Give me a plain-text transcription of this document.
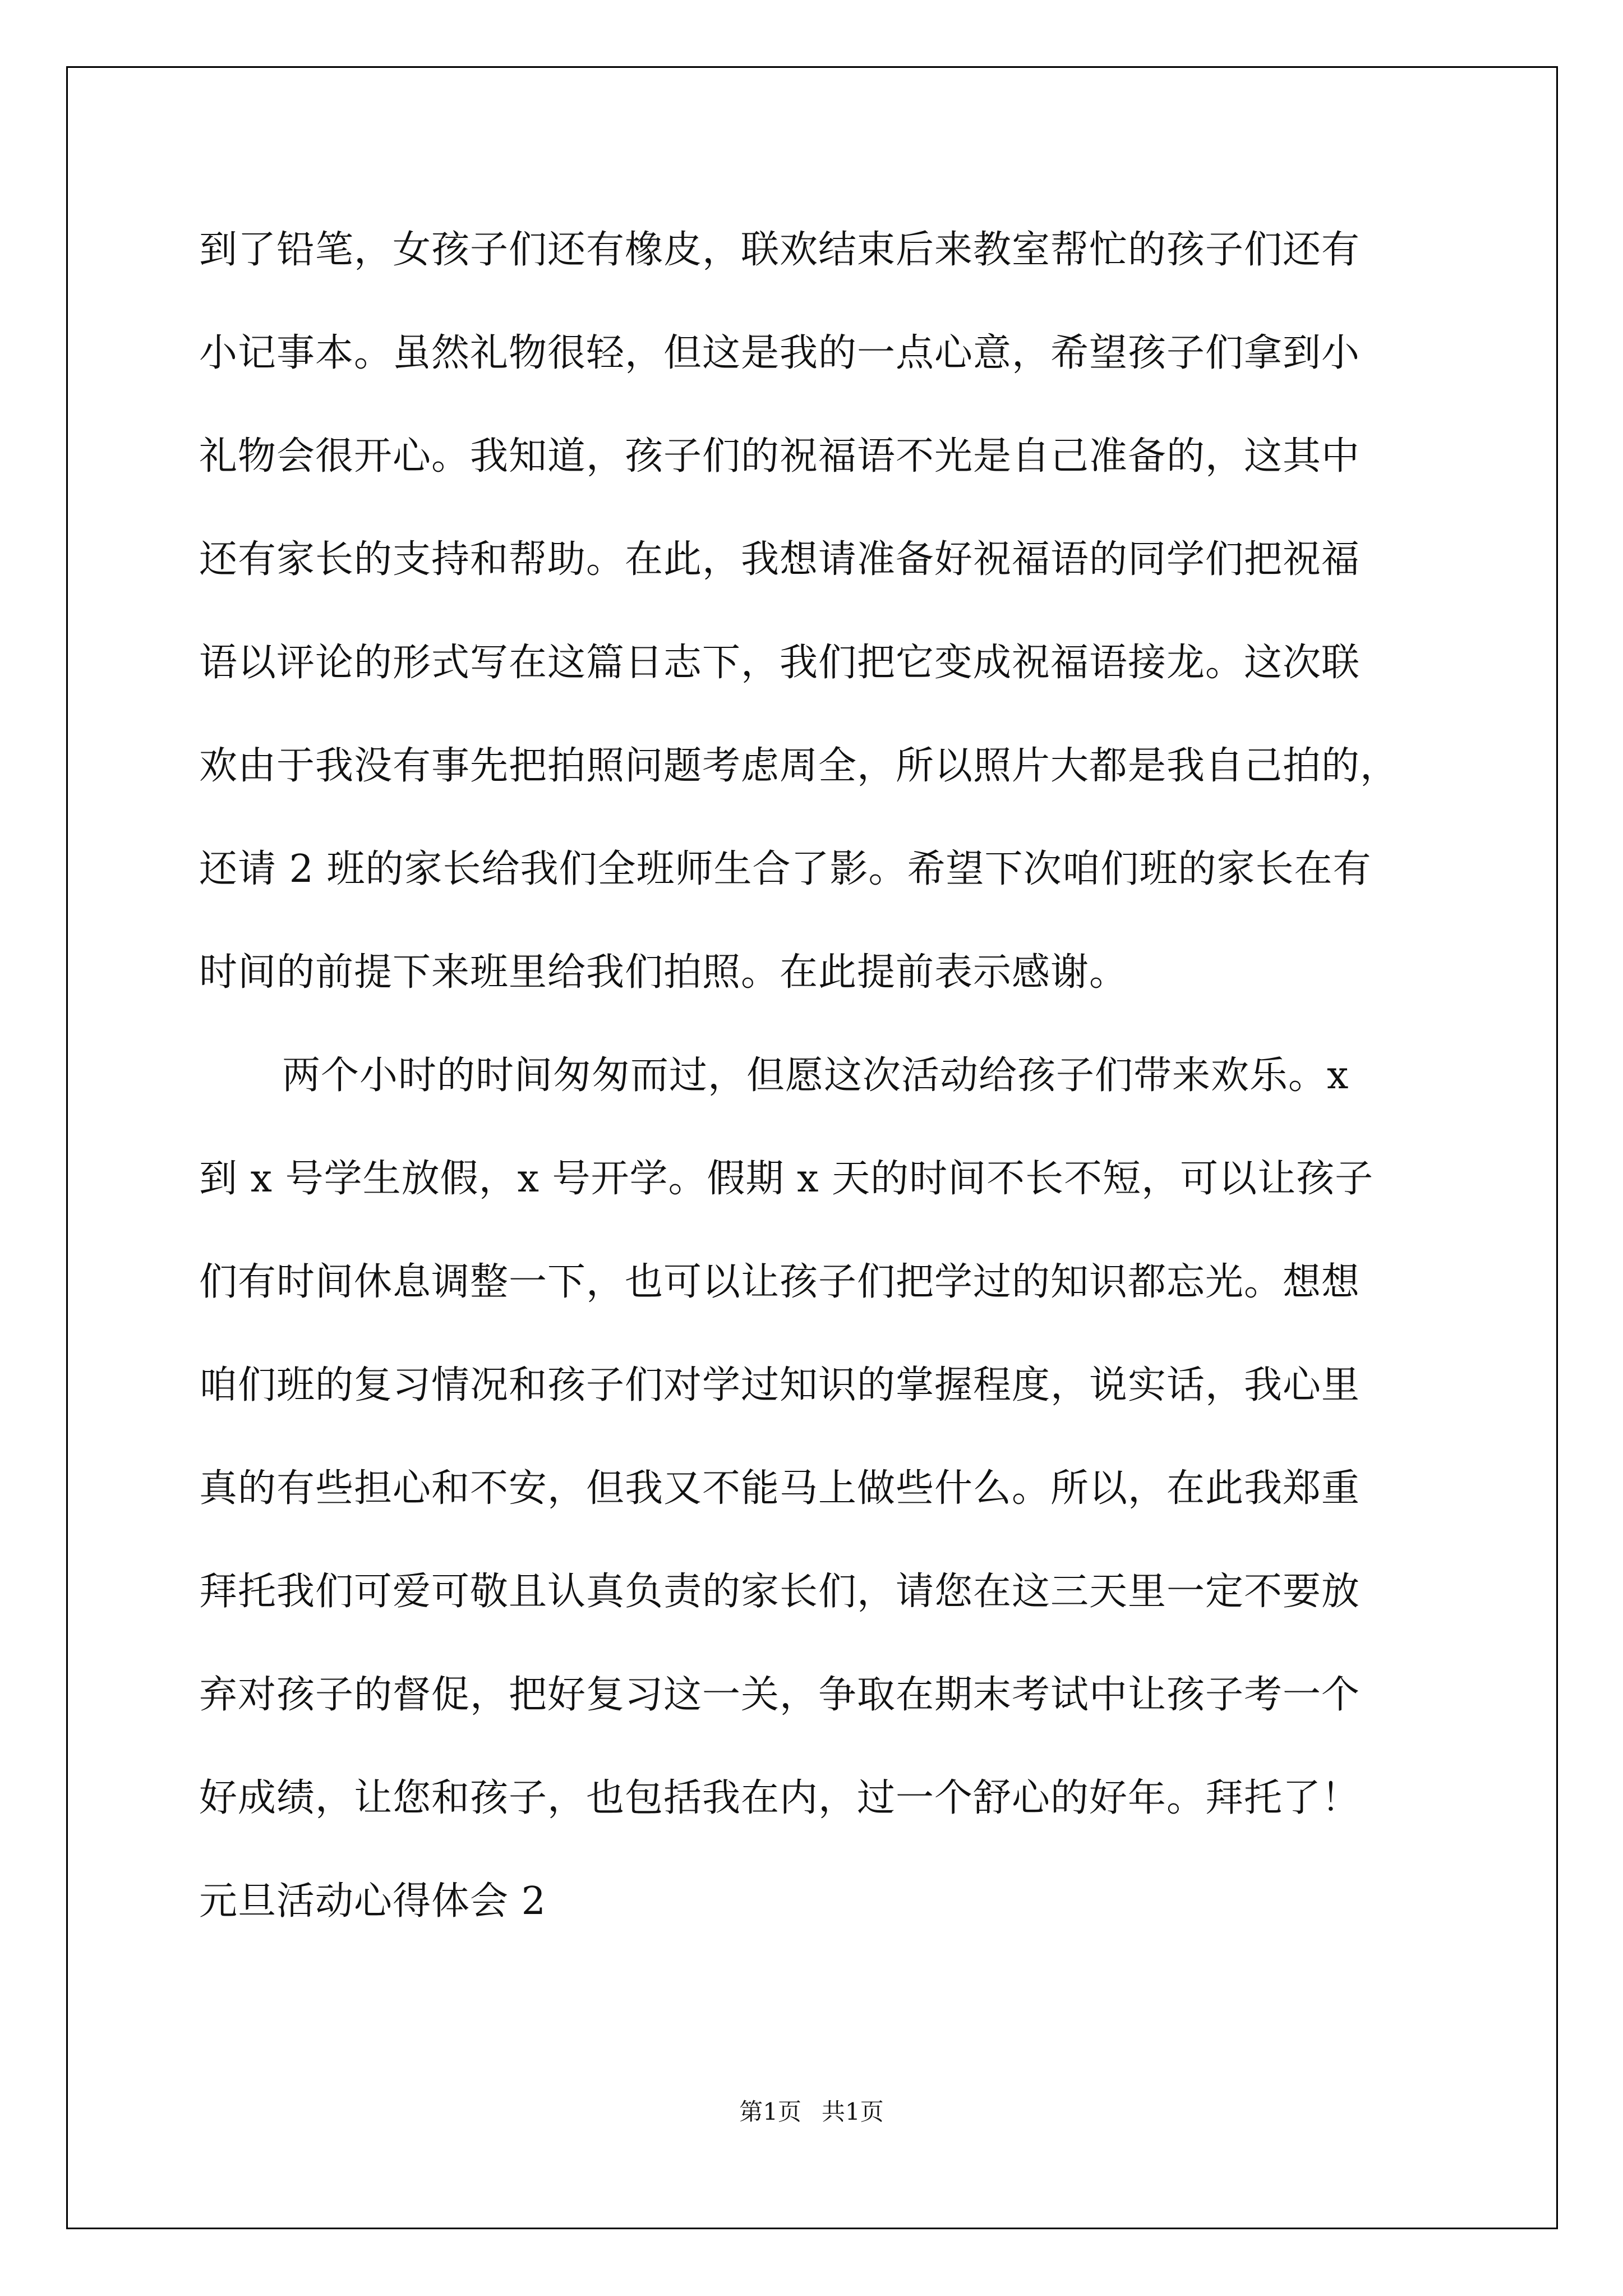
到了铅笔，女孩子们还有橡皮，联欢结束后来教室帮忙的孩子们还有
小记事本。虽然礼物很轻，但这是我的一点心意，希望孩子们拿到小
礼物会很开心。我知道，孩子们的祝福语不光是自己准备的，这其中
还有家长的支持和帮助。在此，我想请准备好祝福语的同学们把祝福
语以评论的形式写在这篇日志下，我们把它变成祝福语接龙。这次联
欢由于我没有事先把拍照问题考虑周全，所以照片大都是我自己拍的，
还请 2 班的家长给我们全班师生合了影。希望下次咱们班的家长在有
时间的前提下来班里给我们拍照。在此提前表示感谢。
两个小时的时间匆匆而过，但愿这次活动给孩子们带来欢乐。x
到 x 号学生放假，x 号开学。假期 x 天的时间不长不短，可以让孩子
们有时间休息调整一下，也可以让孩子们把学过的知识都忘光。想想
咱们班的复习情况和孩子们对学过知识的掌握程度，说实话，我心里
真的有些担心和不安，但我又不能马上做些什么。所以，在此我郑重
拜托我们可爱可敬且认真负责的家长们，请您在这三天里一定不要放
弃对孩子的督促，把好复习这一关，争取在期末考试中让孩子考一个
好成绩，让您和孩子，也包括我在内，过一个舒心的好年。拜托了！
元旦活动心得体会 2
第1页 共1页
